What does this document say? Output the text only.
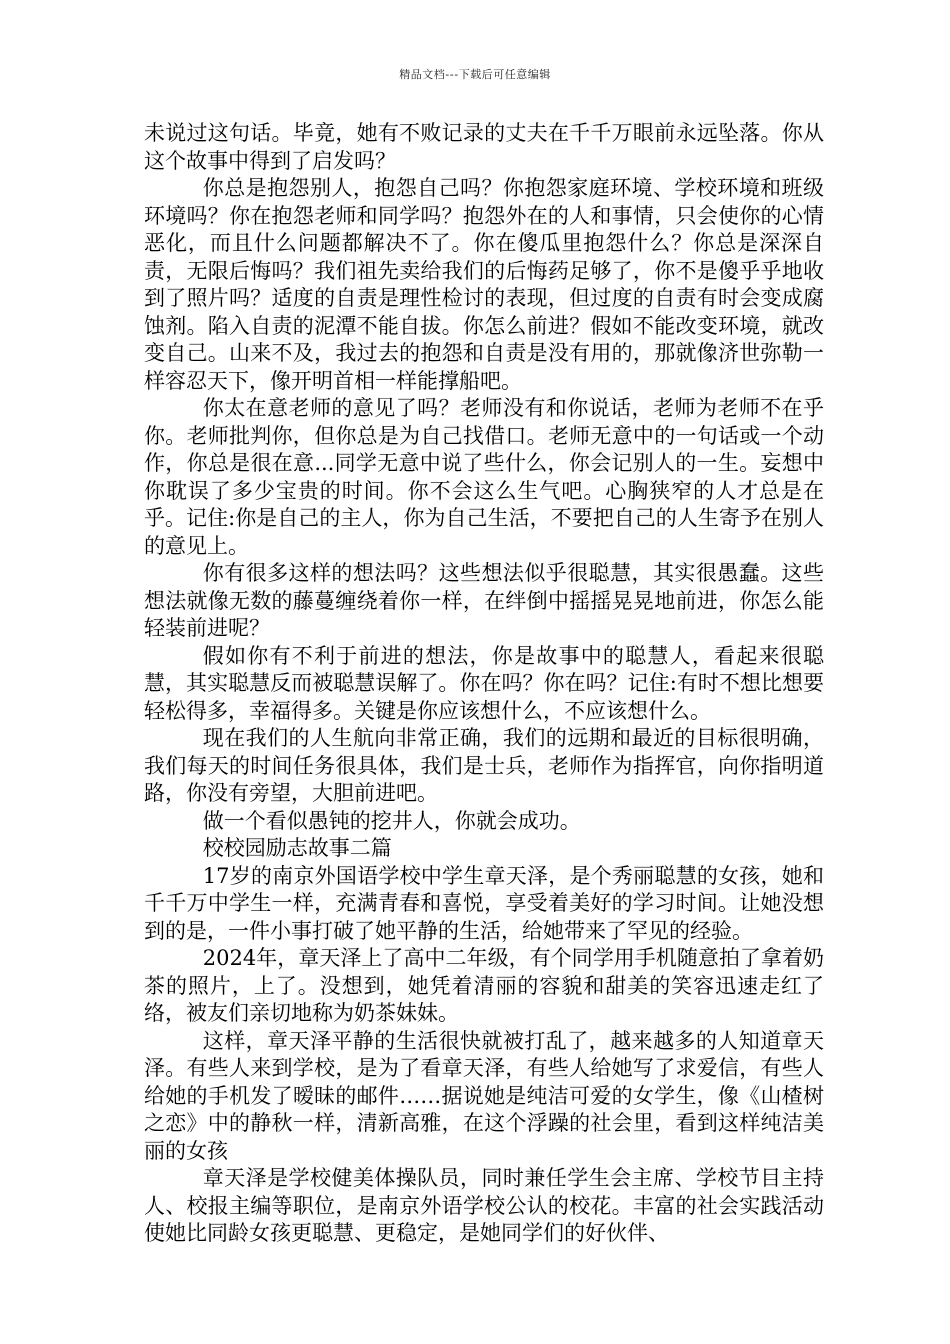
精品文档---下载后可任意编辑

未说过这句话。毕竟，她有不败记录的丈夫在千千万眼前永远坠落。你从这个故事中得到了启发吗？

你总是抱怨别人，抱怨自己吗？你抱怨家庭环境、学校环境和班级环境吗？你在抱怨老师和同学吗？抱怨外在的人和事情，只会使你的心情恶化，而且什么问题都解决不了。你在傻瓜里抱怨什么？你总是深深自责，无限后悔吗？我们祖先卖给我们的后悔药足够了，你不是傻乎乎地收到了照片吗？适度的自责是理性检讨的表现，但过度的自责有时会变成腐蚀剂。陷入自责的泥潭不能自拔。你怎么前进？假如不能改变环境，就改变自己。山来不及，我过去的抱怨和自责是没有用的，那就像济世弥勒一样容忍天下，像开明首相一样能撑船吧。

你太在意老师的意见了吗？老师没有和你说话，老师为老师不在乎你。老师批判你，但你总是为自己找借口。老师无意中的一句话或一个动作，你总是很在意...同学无意中说了些什么，你会记别人的一生。妄想中你耽误了多少宝贵的时间。你不会这么生气吧。心胸狭窄的人才总是在乎。记住:你是自己的主人，你为自己生活，不要把自己的人生寄予在别人的意见上。

你有很多这样的想法吗？这些想法似乎很聪慧，其实很愚蠢。这些想法就像无数的藤蔓缠绕着你一样，在绊倒中摇摇晃晃地前进，你怎么能轻装前进呢？

假如你有不利于前进的想法，你是故事中的聪慧人，看起来很聪慧，其实聪慧反而被聪慧误解了。你在吗？你在吗？记住:有时不想比想要轻松得多，幸福得多。关键是你应该想什么，不应该想什么。

现在我们的人生航向非常正确，我们的远期和最近的目标很明确，我们每天的时间任务很具体，我们是士兵，老师作为指挥官，向你指明道路，你没有旁望，大胆前进吧。

做一个看似愚钝的挖井人，你就会成功。

校校园励志故事二篇

17岁的南京外国语学校中学生章天泽，是个秀丽聪慧的女孩，她和千千万中学生一样，充满青春和喜悦，享受着美好的学习时间。让她没想到的是，一件小事打破了她平静的生活，给她带来了罕见的经验。

2024年，章天泽上了高中二年级，有个同学用手机随意拍了拿着奶茶的照片，上了。没想到，她凭着清丽的容貌和甜美的笑容迅速走红了络，被友们亲切地称为奶茶妹妹。

这样，章天泽平静的生活很快就被打乱了，越来越多的人知道章天泽。有些人来到学校，是为了看章天泽，有些人给她写了求爱信，有些人给她的手机发了暧昧的邮件……据说她是纯洁可爱的女学生，像《山楂树之恋》中的静秋一样，清新高雅，在这个浮躁的社会里，看到这样纯洁美丽的女孩

章天泽是学校健美体操队员，同时兼任学生会主席、学校节目主持人、校报主编等职位，是南京外语学校公认的校花。丰富的社会实践活动使她比同龄女孩更聪慧、更稳定，是她同学们的好伙伴、
